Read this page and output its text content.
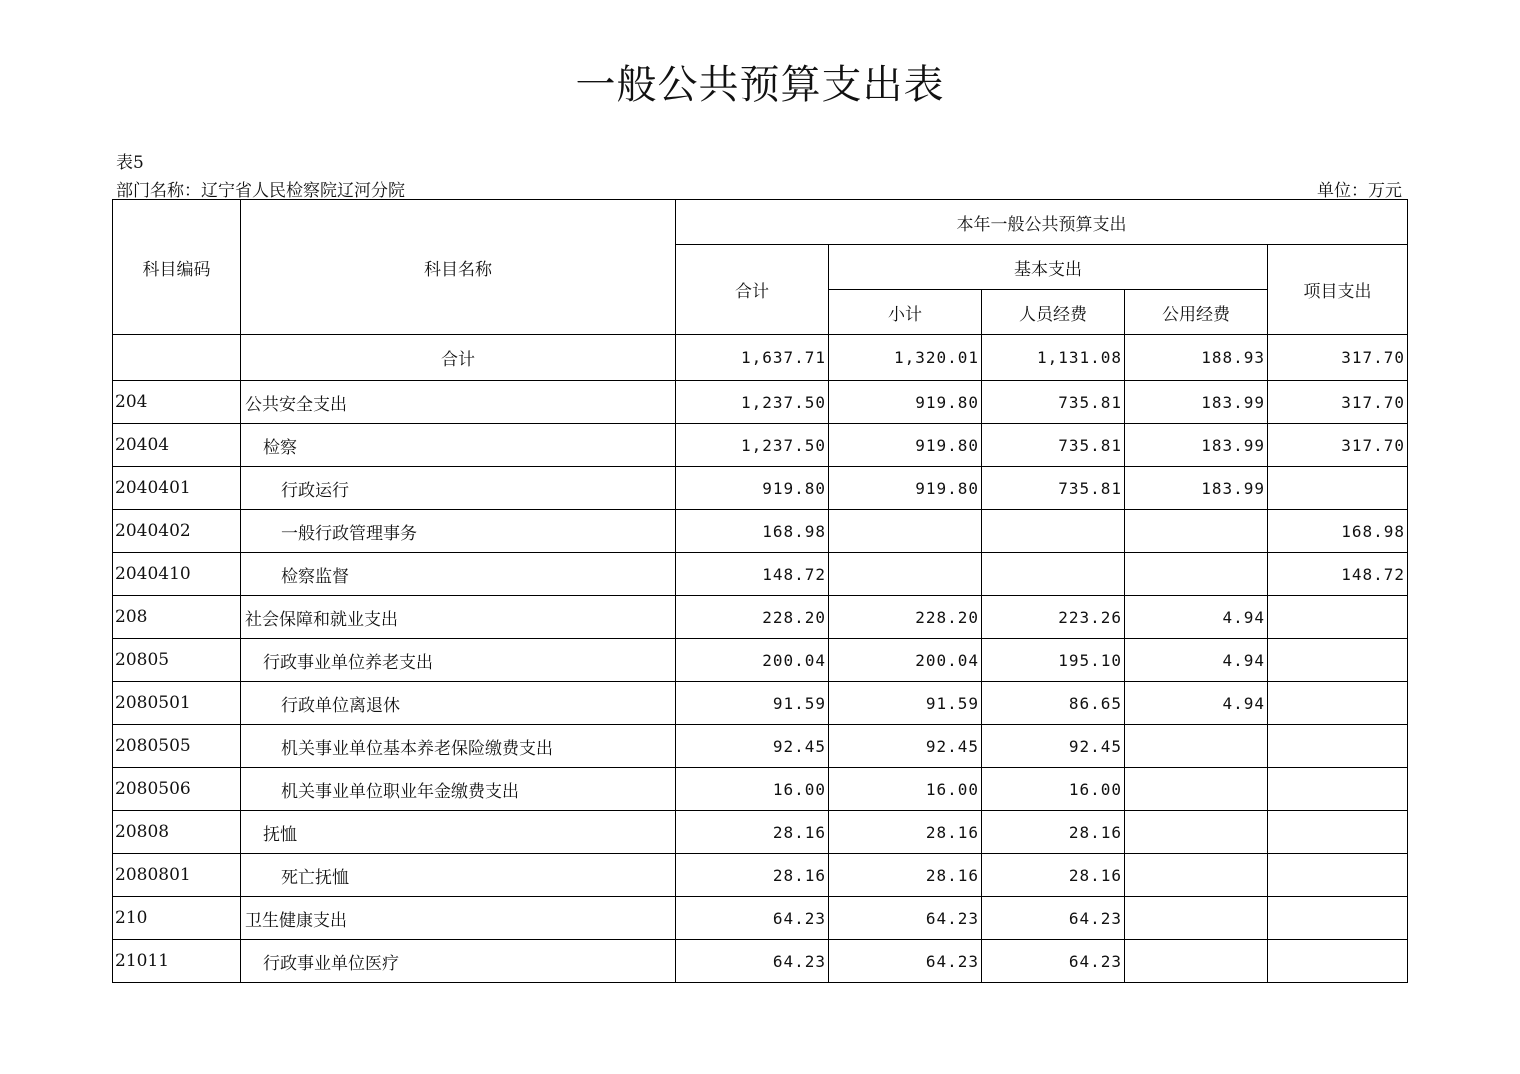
一般公共预算支出表
表5
部门名称：辽宁省人民检察院辽河分院	单位：万元
科目编码	科目名称	本年一般公共预算支出				
		合计	基本支出			项目支出
			小计	人员经费	公用经费	
	合计	1,637.71	1,320.01	1,131.08	188.93	317.70
204	公共安全支出	1,237.50	919.80	735.81	183.99	317.70
20404	检察	1,237.50	919.80	735.81	183.99	317.70
2040401	行政运行	919.80	919.80	735.81	183.99	
2040402	一般行政管理事务	168.98				168.98
2040410	检察监督	148.72				148.72
208	社会保障和就业支出	228.20	228.20	223.26	4.94	
20805	行政事业单位养老支出	200.04	200.04	195.10	4.94	
2080501	行政单位离退休	91.59	91.59	86.65	4.94	
2080505	机关事业单位基本养老保险缴费支出	92.45	92.45	92.45		
2080506	机关事业单位职业年金缴费支出	16.00	16.00	16.00		
20808	抚恤	28.16	28.16	28.16		
2080801	死亡抚恤	28.16	28.16	28.16		
210	卫生健康支出	64.23	64.23	64.23		
21011	行政事业单位医疗	64.23	64.23	64.23		
